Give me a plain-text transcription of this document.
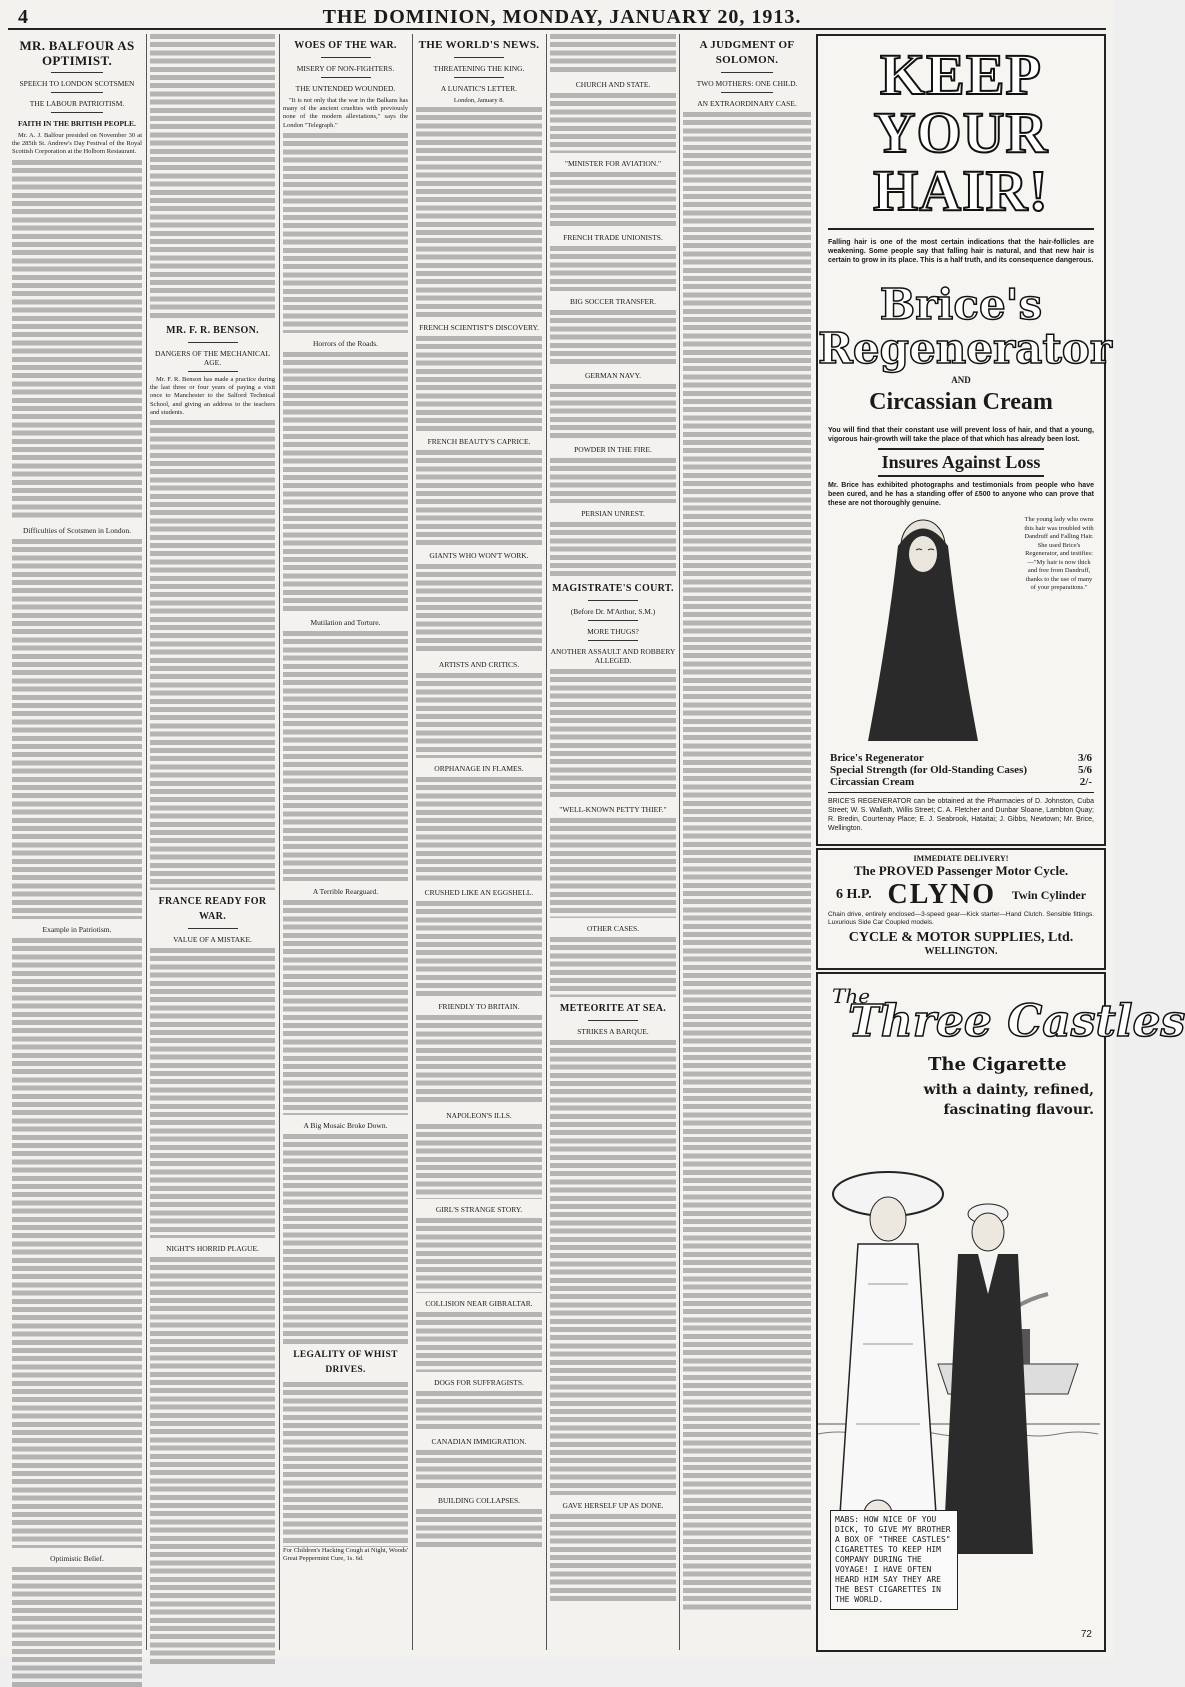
4	THE DOMINION, MONDAY, JANUARY 20, 1913.
MR. BALFOUR AS OPTIMIST.
SPEECH TO LONDON SCOTSMEN
THE LABOUR PATRIOTISM.
FAITH IN THE BRITISH PEOPLE.

Mr. A. J. Balfour presided on November 30 at the 285th St. Andrew's Day Festival of the Royal Scottish Corporation at the Holborn Restaurant.

Difficulties of Scotsmen in London.
Example in Patriotism.
Optimistic Belief.
MR. F. R. BENSON.
DANGERS OF THE MECHANICAL AGE.

Mr. F. R. Benson has made a practice during the last three or four years of paying a visit once to Manchester to the Salford Technical School, and giving an address to the teachers and students.

FRANCE READY FOR WAR.
VALUE OF A MISTAKE.
NIGHT'S HORRID PLAGUE.
WOES OF THE WAR.
MISERY OF NON-FIGHTERS.
THE UNTENDED WOUNDED.

"It is not only that the war in the Balkans has many of the ancient cruelties with previously none of the modern alleviations," says the London "Telegraph."

Horrors of the Roads.
Mutilation and Torture.
A Terrible Rearguard.
A Big Mosaic Broke Down.
LEGALITY OF WHIST DRIVES.

For Children's Hacking Cough at Night, Woods' Great Peppermint Cure, 1s. 6d.

THE WORLD'S NEWS.
THREATENING THE KING.
A LUNATIC'S LETTER.
London, January 8.
FRENCH SCIENTIST'S DISCOVERY.
FRENCH BEAUTY'S CAPRICE.
GIANTS WHO WON'T WORK.
ARTISTS AND CRITICS.
ORPHANAGE IN FLAMES.
CRUSHED LIKE AN EGGSHELL.
FRIENDLY TO BRITAIN.
NAPOLEON'S ILLS.
GIRL'S STRANGE STORY.
COLLISION NEAR GIBRALTAR.
DOGS FOR SUFFRAGISTS.
CANADIAN IMMIGRATION.
BUILDING COLLAPSES.
CHURCH AND STATE.
"MINISTER FOR AVIATION."
FRENCH TRADE UNIONISTS.
BIG SOCCER TRANSFER.
GERMAN NAVY.
POWDER IN THE FIRE.
PERSIAN UNREST.
MAGISTRATE'S COURT.
(Before Dr. M'Arthur, S.M.)
MORE THUGS?
ANOTHER ASSAULT AND ROBBERY ALLEGED.
"WELL-KNOWN PETTY THIEF."
OTHER CASES.
METEORITE AT SEA.
STRIKES A BARQUE.
GAVE HERSELF UP AS DONE.
A JUDGMENT OF SOLOMON.
TWO MOTHERS: ONE CHILD.
AN EXTRAORDINARY CASE.	KEEP YOUR HAIR!
Falling hair is one of the most certain indications that the hair-follicles are weakening. Some people say that falling hair is natural, and that new hair is certain to grow in its place. This is a half truth, and its consequence dangerous.
Brice's Regenerator
AND
Circassian Cream
You will find that their constant use will prevent loss of hair, and that a young, vigorous hair-growth will take the place of that which has already been lost.
Insures Against Loss
Mr. Brice has exhibited photographs and testimonials from people who have been cured, and he has a standing offer of £500 to anyone who can prove that these are not thoroughly genuine.
The young lady who owns this hair was troubled with Dandruff and Falling Hair. She used Brice's Regenerator, and testifies:—"My hair is now thick and free from Dandruff, thanks to the use of many of your preparations."
Brice's Regenerator	3/6
Special Strength (for Old-Standing Cases)	5/6
Circassian Cream	2/-
BRICE'S REGENERATOR can be obtained at the Pharmacies of D. Johnston, Cuba Street; W. S. Wallath, Willis Street; C. A. Fletcher and Dunbar Sloane, Lambton Quay; R. Bredin, Courtenay Place; E. J. Seabrook, Hataitai; J. Gibbs, Newtown; Mr. Brice, Wellington.
IMMEDIATE DELIVERY!
The PROVED Passenger Motor Cycle.
6 H.P. CLYNO Twin Cylinder
Chain drive, entirely enclosed—3-speed gear—Kick starter—Hand Clutch. Sensible fittings. Luxurious Side Car Coupled models.
CYCLE & MOTOR SUPPLIES, Ltd.
WELLINGTON.
The
Three Castles
The Cigarette
with a dainty, refined,
fascinating flavour.
MABS: HOW NICE OF YOU DICK, TO GIVE MY BROTHER A BOX OF "THREE CASTLES" CIGARETTES TO KEEP HIM COMPANY DURING THE VOYAGE! I HAVE OFTEN HEARD HIM SAY THEY ARE THE BEST CIGARETTES IN THE WORLD.
72
